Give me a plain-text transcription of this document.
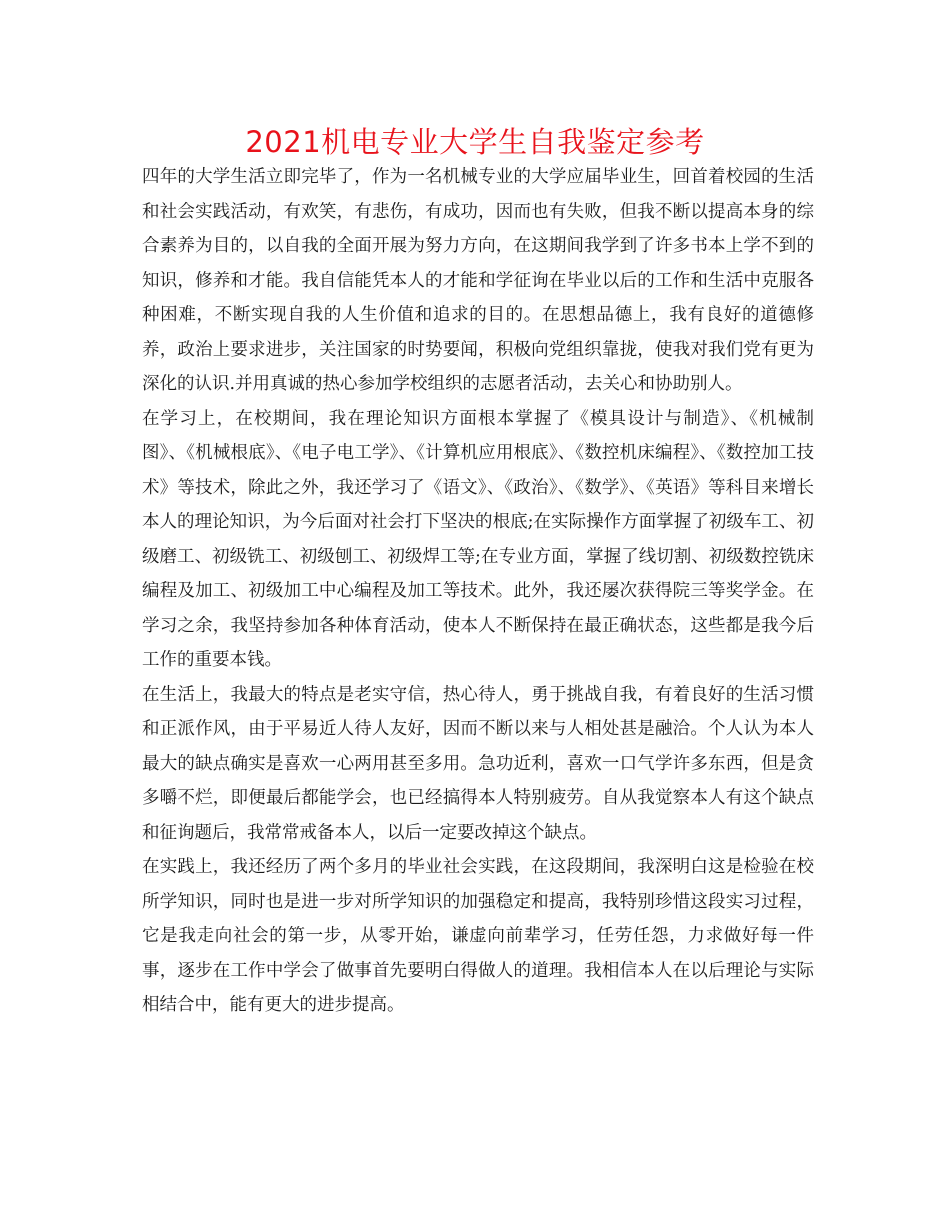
2021机电专业大学生自我鉴定参考

四年的大学生活立即完毕了，作为一名机械专业的大学应届毕业生，回首着校园的生活和社会实践活动，有欢笑，有悲伤，有成功，因而也有失败，但我不断以提高本身的综合素养为目的，以自我的全面开展为努力方向，在这期间我学到了许多书本上学不到的知识，修养和才能。我自信能凭本人的才能和学征询在毕业以后的工作和生活中克服各种困难，不断实现自我的人生价值和追求的目的。在思想品德上，我有良好的道德修养，政治上要求进步，关注国家的时势要闻，积极向党组织靠拢，使我对我们党有更为深化的认识.并用真诚的热心参加学校组织的志愿者活动，去关心和协助别人。

在学习上，在校期间，我在理论知识方面根本掌握了《模具设计与制造》、《机械制图》、《机械根底》、《电子电工学》、《计算机应用根底》、《数控机床编程》、《数控加工技术》等技术，除此之外，我还学习了《语文》、《政治》、《数学》、《英语》等科目来增长本人的理论知识，为今后面对社会打下坚决的根底;在实际操作方面掌握了初级车工、初级磨工、初级铣工、初级刨工、初级焊工等;在专业方面，掌握了线切割、初级数控铣床编程及加工、初级加工中心编程及加工等技术。此外，我还屡次获得院三等奖学金。在学习之余，我坚持参加各种体育活动，使本人不断保持在最正确状态，这些都是我今后工作的重要本钱。

在生活上，我最大的特点是老实守信，热心待人，勇于挑战自我，有着良好的生活习惯和正派作风，由于平易近人待人友好，因而不断以来与人相处甚是融洽。个人认为本人最大的缺点确实是喜欢一心两用甚至多用。急功近利，喜欢一口气学许多东西，但是贪多嚼不烂，即便最后都能学会，也已经搞得本人特别疲劳。自从我觉察本人有这个缺点和征询题后，我常常戒备本人，以后一定要改掉这个缺点。

在实践上，我还经历了两个多月的毕业社会实践，在这段期间，我深明白这是检验在校所学知识，同时也是进一步对所学知识的加强稳定和提高，我特别珍惜这段实习过程，它是我走向社会的第一步，从零开始，谦虚向前辈学习，任劳任怨，力求做好每一件事，逐步在工作中学会了做事首先要明白得做人的道理。我相信本人在以后理论与实际相结合中，能有更大的进步提高。
